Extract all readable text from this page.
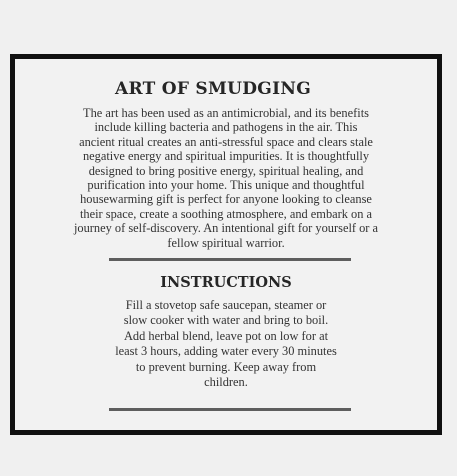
ART OF SMUDGING
The art has been used as an antimicrobial, and its benefits
include killing bacteria and pathogens in the air. This
ancient ritual creates an anti-stressful space and clears stale
negative energy and spiritual impurities. It is thoughtfully
designed to bring positive energy, spiritual healing, and
purification into your home. This unique and thoughtful
housewarming gift is perfect for anyone looking to cleanse
their space, create a soothing atmosphere, and embark on a
journey of self-discovery. An intentional gift for yourself or a
fellow spiritual warrior.
INSTRUCTIONS
Fill a stovetop safe saucepan, steamer or
slow cooker with water and bring to boil.
Add herbal blend, leave pot on low for at
least 3 hours, adding water every 30 minutes
to prevent burning. Keep away from
children.
